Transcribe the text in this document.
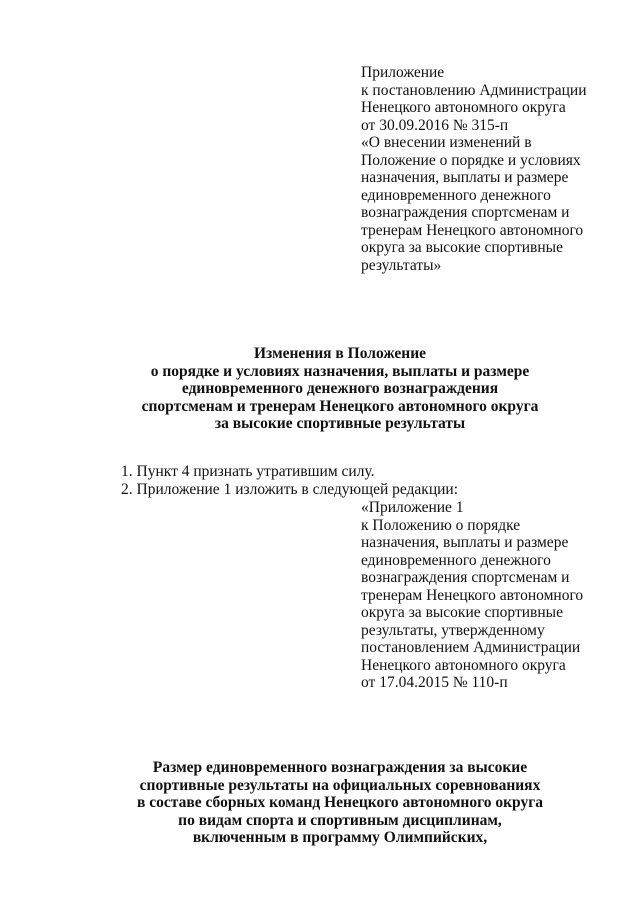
Приложение
к постановлению Администрации
Ненецкого автономного округа
от 30.09.2016 № 315-п
«О внесении изменений в
Положение о порядке и условиях
назначения, выплаты и размере
единовременного денежного
вознаграждения спортсменам и
тренерам Ненецкого автономного
округа за высокие спортивные
результаты»
Изменения в Положение
о порядке и условиях назначения, выплаты и размере
единовременного денежного вознаграждения
спортсменам и тренерам Ненецкого автономного округа
за высокие спортивные результаты
1. Пункт 4 признать утратившим силу.
2. Приложение 1 изложить в следующей редакции:
«Приложение 1
к Положению о порядке
назначения, выплаты и размере
единовременного денежного
вознаграждения спортсменам и
тренерам Ненецкого автономного
округа за высокие спортивные
результаты, утвержденному
постановлением Администрации
Ненецкого автономного округа
от 17.04.2015 № 110-п
Размер единовременного вознаграждения за высокие
спортивные результаты на официальных соревнованиях
в составе сборных команд Ненецкого автономного округа
по видам спорта и спортивным дисциплинам,
включенным в программу Олимпийских,
